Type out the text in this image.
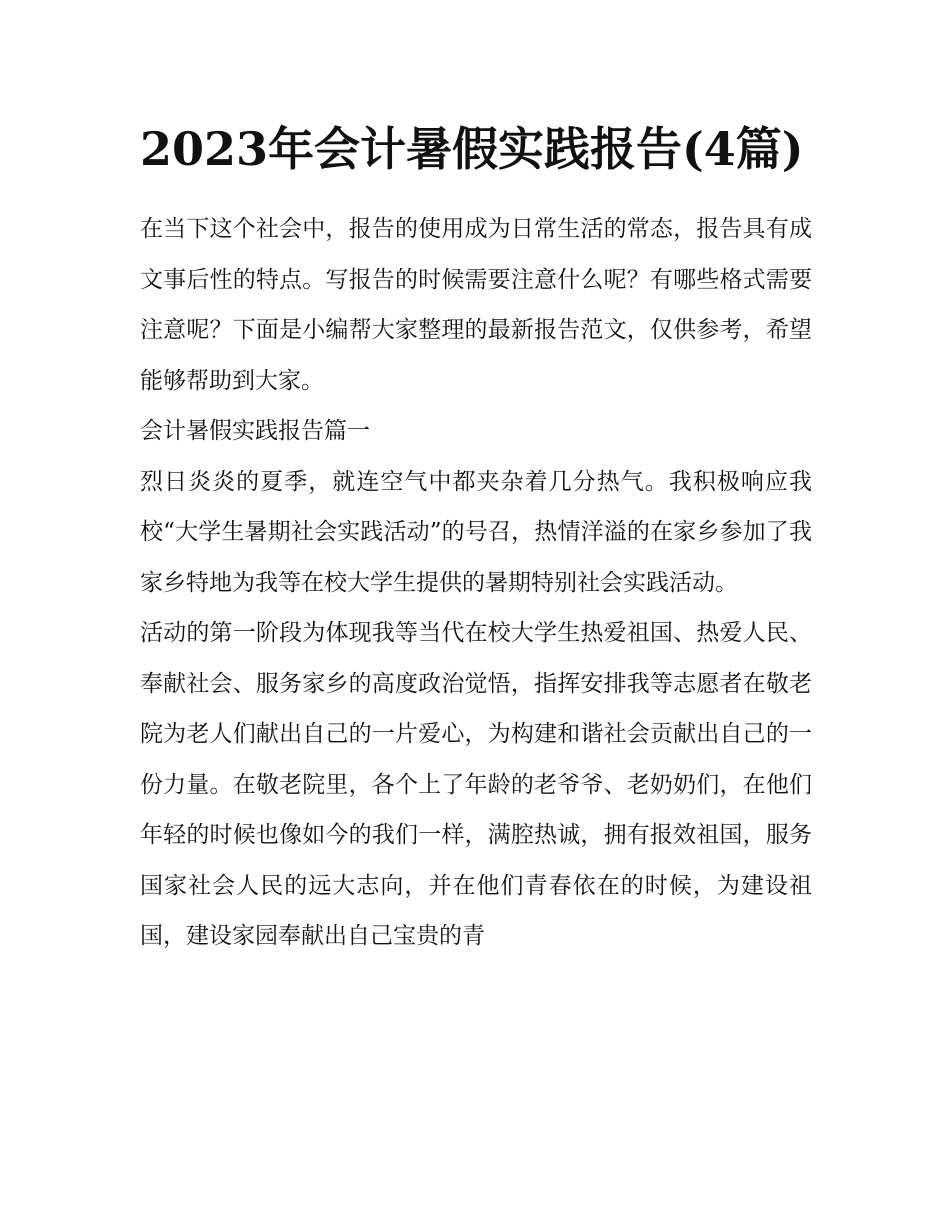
2023年会计暑假实践报告(4篇)

在当下这个社会中，报告的使用成为日常生活的常态，报告具有成文事后性的特点。写报告的时候需要注意什么呢？有哪些格式需要注意呢？下面是小编帮大家整理的最新报告范文，仅供参考，希望能够帮助到大家。

会计暑假实践报告篇一

烈日炎炎的夏季，就连空气中都夹杂着几分热气。我积极响应我校“大学生暑期社会实践活动”的号召，热情洋溢的在家乡参加了我家乡特地为我等在校大学生提供的暑期特别社会实践活动。

活动的第一阶段为体现我等当代在校大学生热爱祖国、热爱人民、奉献社会、服务家乡的高度政治觉悟，指挥安排我等志愿者在敬老院为老人们献出自己的一片爱心，为构建和谐社会贡献出自己的一份力量。在敬老院里，各个上了年龄的老爷爷、老奶奶们，在他们年轻的时候也像如今的我们一样，满腔热诚，拥有报效祖国，服务国家社会人民的远大志向，并在他们青春依在的时候，为建设祖国，建设家园奉献出自己宝贵的青
